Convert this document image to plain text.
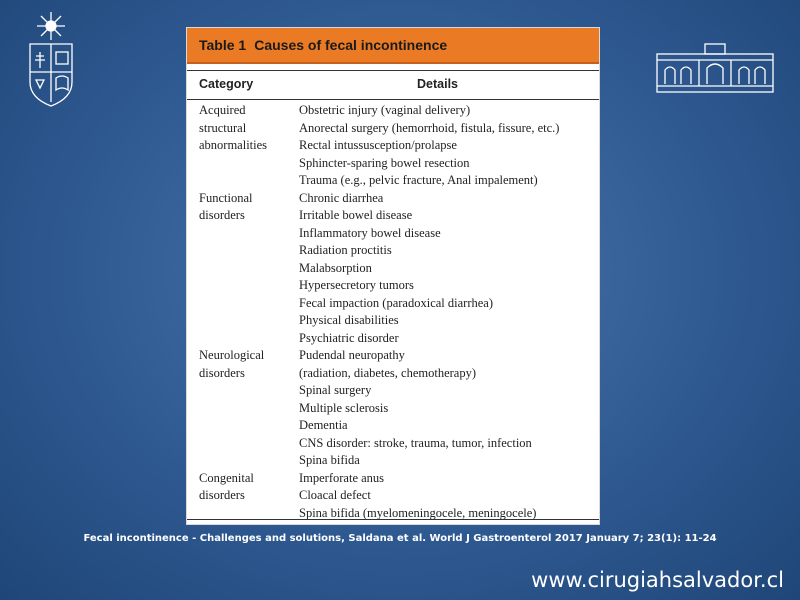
Table 1 Causes of fecal incontinence
Category	Details
Acquired structural abnormalities
Obstetric injury (vaginal delivery)
Anorectal surgery (hemorrhoid, fistula, fissure, etc.)
Rectal intussusception/prolapse
Sphincter-sparing bowel resection
Trauma (e.g., pelvic fracture, Anal impalement)
Functional disorders
Chronic diarrhea
Irritable bowel disease
Inflammatory bowel disease
Radiation proctitis
Malabsorption
Hypersecretory tumors
Fecal impaction (paradoxical diarrhea)
Physical disabilities
Psychiatric disorder
Neurological disorders
Pudendal neuropathy
(radiation, diabetes, chemotherapy)
Spinal surgery
Multiple sclerosis
Dementia
CNS disorder: stroke, trauma, tumor, infection
Spina bifida
Congenital disorders
Imperforate anus
Cloacal defect
Spina bifida (myelomeningocele, meningocele)
Fecal incontinence - Challenges and solutions, Saldana et al. World J Gastroenterol 2017 January 7; 23(1): 11-24
www.cirugiahsalvador.cl
